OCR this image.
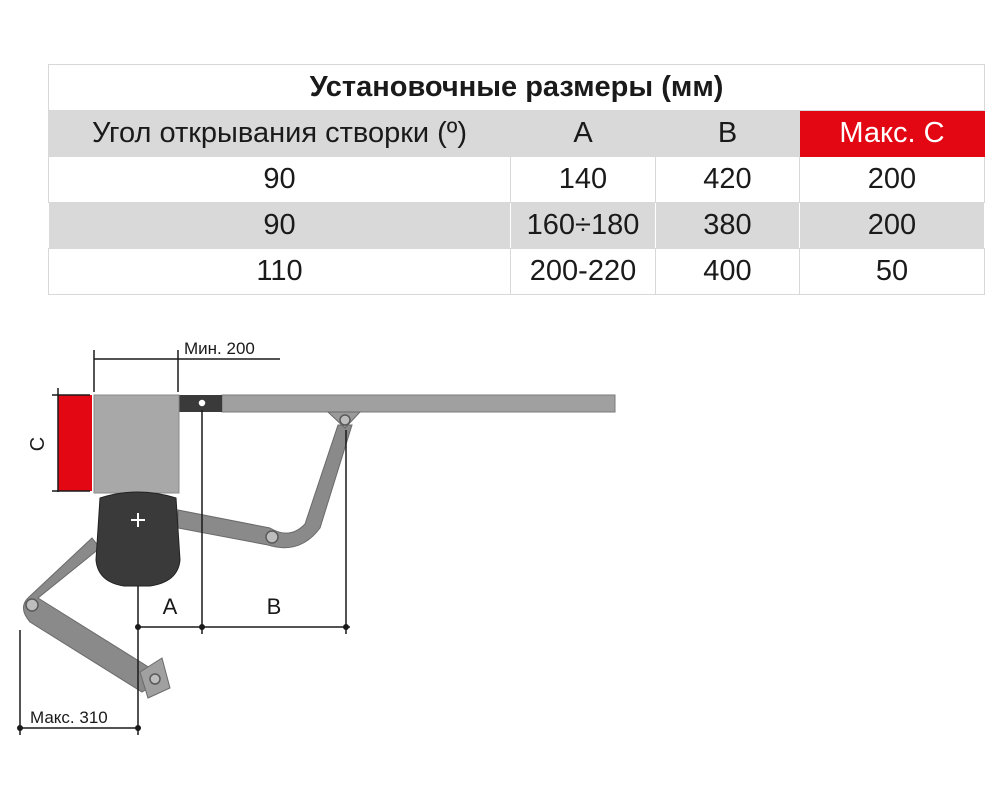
Установочные размеры (мм)			
Угол открывания створки (º)	A	B	Макс. C
90	140	420	200
90	160÷180	380	200
110	200-220	400	50
Мин. 200
C
A	B
Макс. 310
